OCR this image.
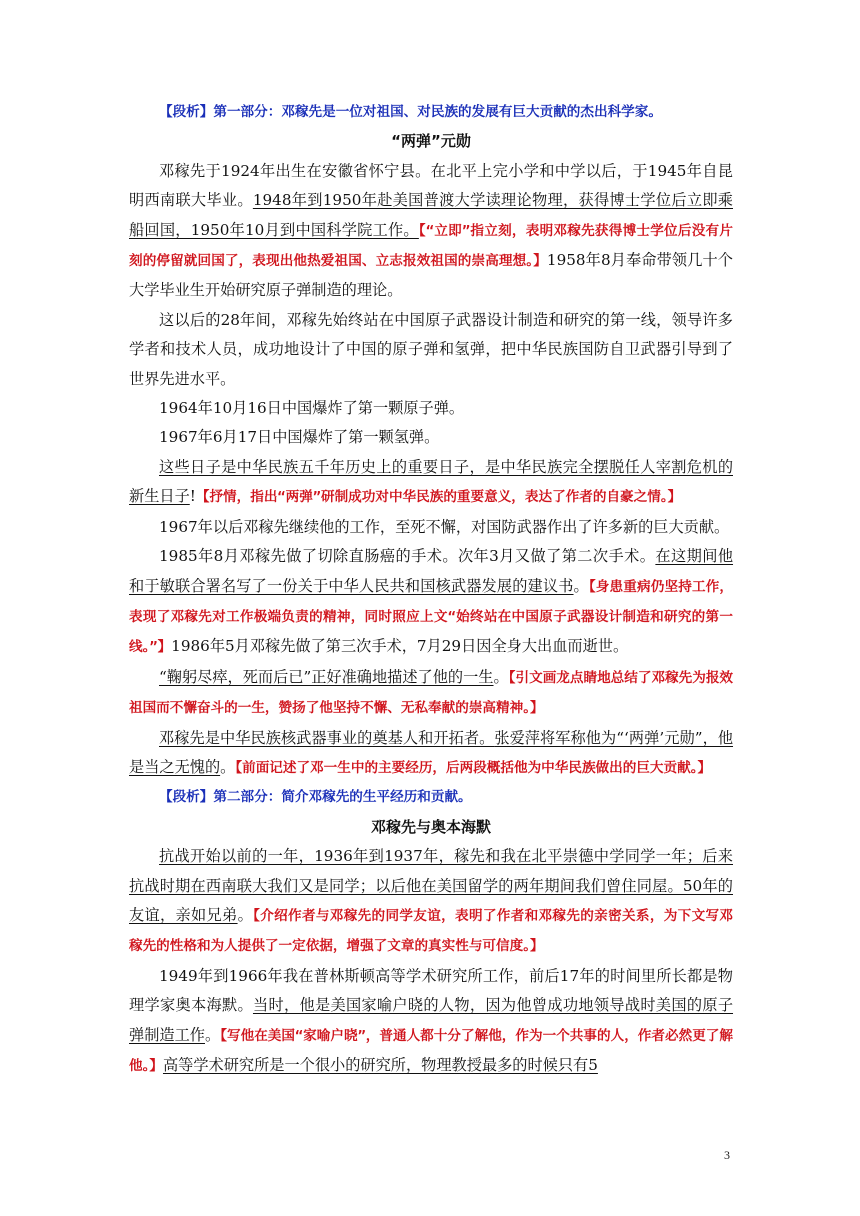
【段析】第一部分：邓稼先是一位对祖国、对民族的发展有巨大贡献的杰出科学家。

“两弹”元勋

邓稼先于1924年出生在安徽省怀宁县。在北平上完小学和中学以后，于1945年自昆明西南联大毕业。1948年到1950年赴美国普渡大学读理论物理，获得博士学位后立即乘船回国，1950年10月到中国科学院工作。【“立即”指立刻，表明邓稼先获得博士学位后没有片刻的停留就回国了，表现出他热爱祖国、立志报效祖国的崇高理想。】1958年8月奉命带领几十个大学毕业生开始研究原子弹制造的理论。

这以后的28年间，邓稼先始终站在中国原子武器设计制造和研究的第一线，领导许多学者和技术人员，成功地设计了中国的原子弹和氢弹，把中华民族国防自卫武器引导到了世界先进水平。

1964年10月16日中国爆炸了第一颗原子弹。

1967年6月17日中国爆炸了第一颗氢弹。

这些日子是中华民族五千年历史上的重要日子，是中华民族完全摆脱任人宰割危机的新生日子!【抒情，指出“两弹”研制成功对中华民族的重要意义，表达了作者的自豪之情。】

1967年以后邓稼先继续他的工作，至死不懈，对国防武器作出了许多新的巨大贡献。

1985年8月邓稼先做了切除直肠癌的手术。次年3月又做了第二次手术。在这期间他和于敏联合署名写了一份关于中华人民共和国核武器发展的建议书。【身患重病仍坚持工作，表现了邓稼先对工作极端负责的精神，同时照应上文“始终站在中国原子武器设计制造和研究的第一线。”】1986年5月邓稼先做了第三次手术，7月29日因全身大出血而逝世。

“鞠躬尽瘁，死而后已”正好准确地描述了他的一生。【引文画龙点睛地总结了邓稼先为报效祖国而不懈奋斗的一生，赞扬了他坚持不懈、无私奉献的崇高精神。】

邓稼先是中华民族核武器事业的奠基人和开拓者。张爱萍将军称他为“‘两弹’元勋”，他是当之无愧的。【前面记述了邓一生中的主要经历，后两段概括他为中华民族做出的巨大贡献。】

【段析】第二部分：简介邓稼先的生平经历和贡献。

邓稼先与奥本海默

抗战开始以前的一年，1936年到1937年，稼先和我在北平崇德中学同学一年；后来抗战时期在西南联大我们又是同学；以后他在美国留学的两年期间我们曾住同屋。50年的友谊，亲如兄弟。【介绍作者与邓稼先的同学友谊，表明了作者和邓稼先的亲密关系，为下文写邓稼先的性格和为人提供了一定依据，增强了文章的真实性与可信度。】

1949年到1966年我在普林斯顿高等学术研究所工作，前后17年的时间里所长都是物理学家奥本海默。当时，他是美国家喻户晓的人物，因为他曾成功地领导战时美国的原子弹制造工作。【写他在美国“家喻户晓”，普通人都十分了解他，作为一个共事的人，作者必然更了解他。】高等学术研究所是一个很小的研究所，物理教授最多的时候只有5

3
